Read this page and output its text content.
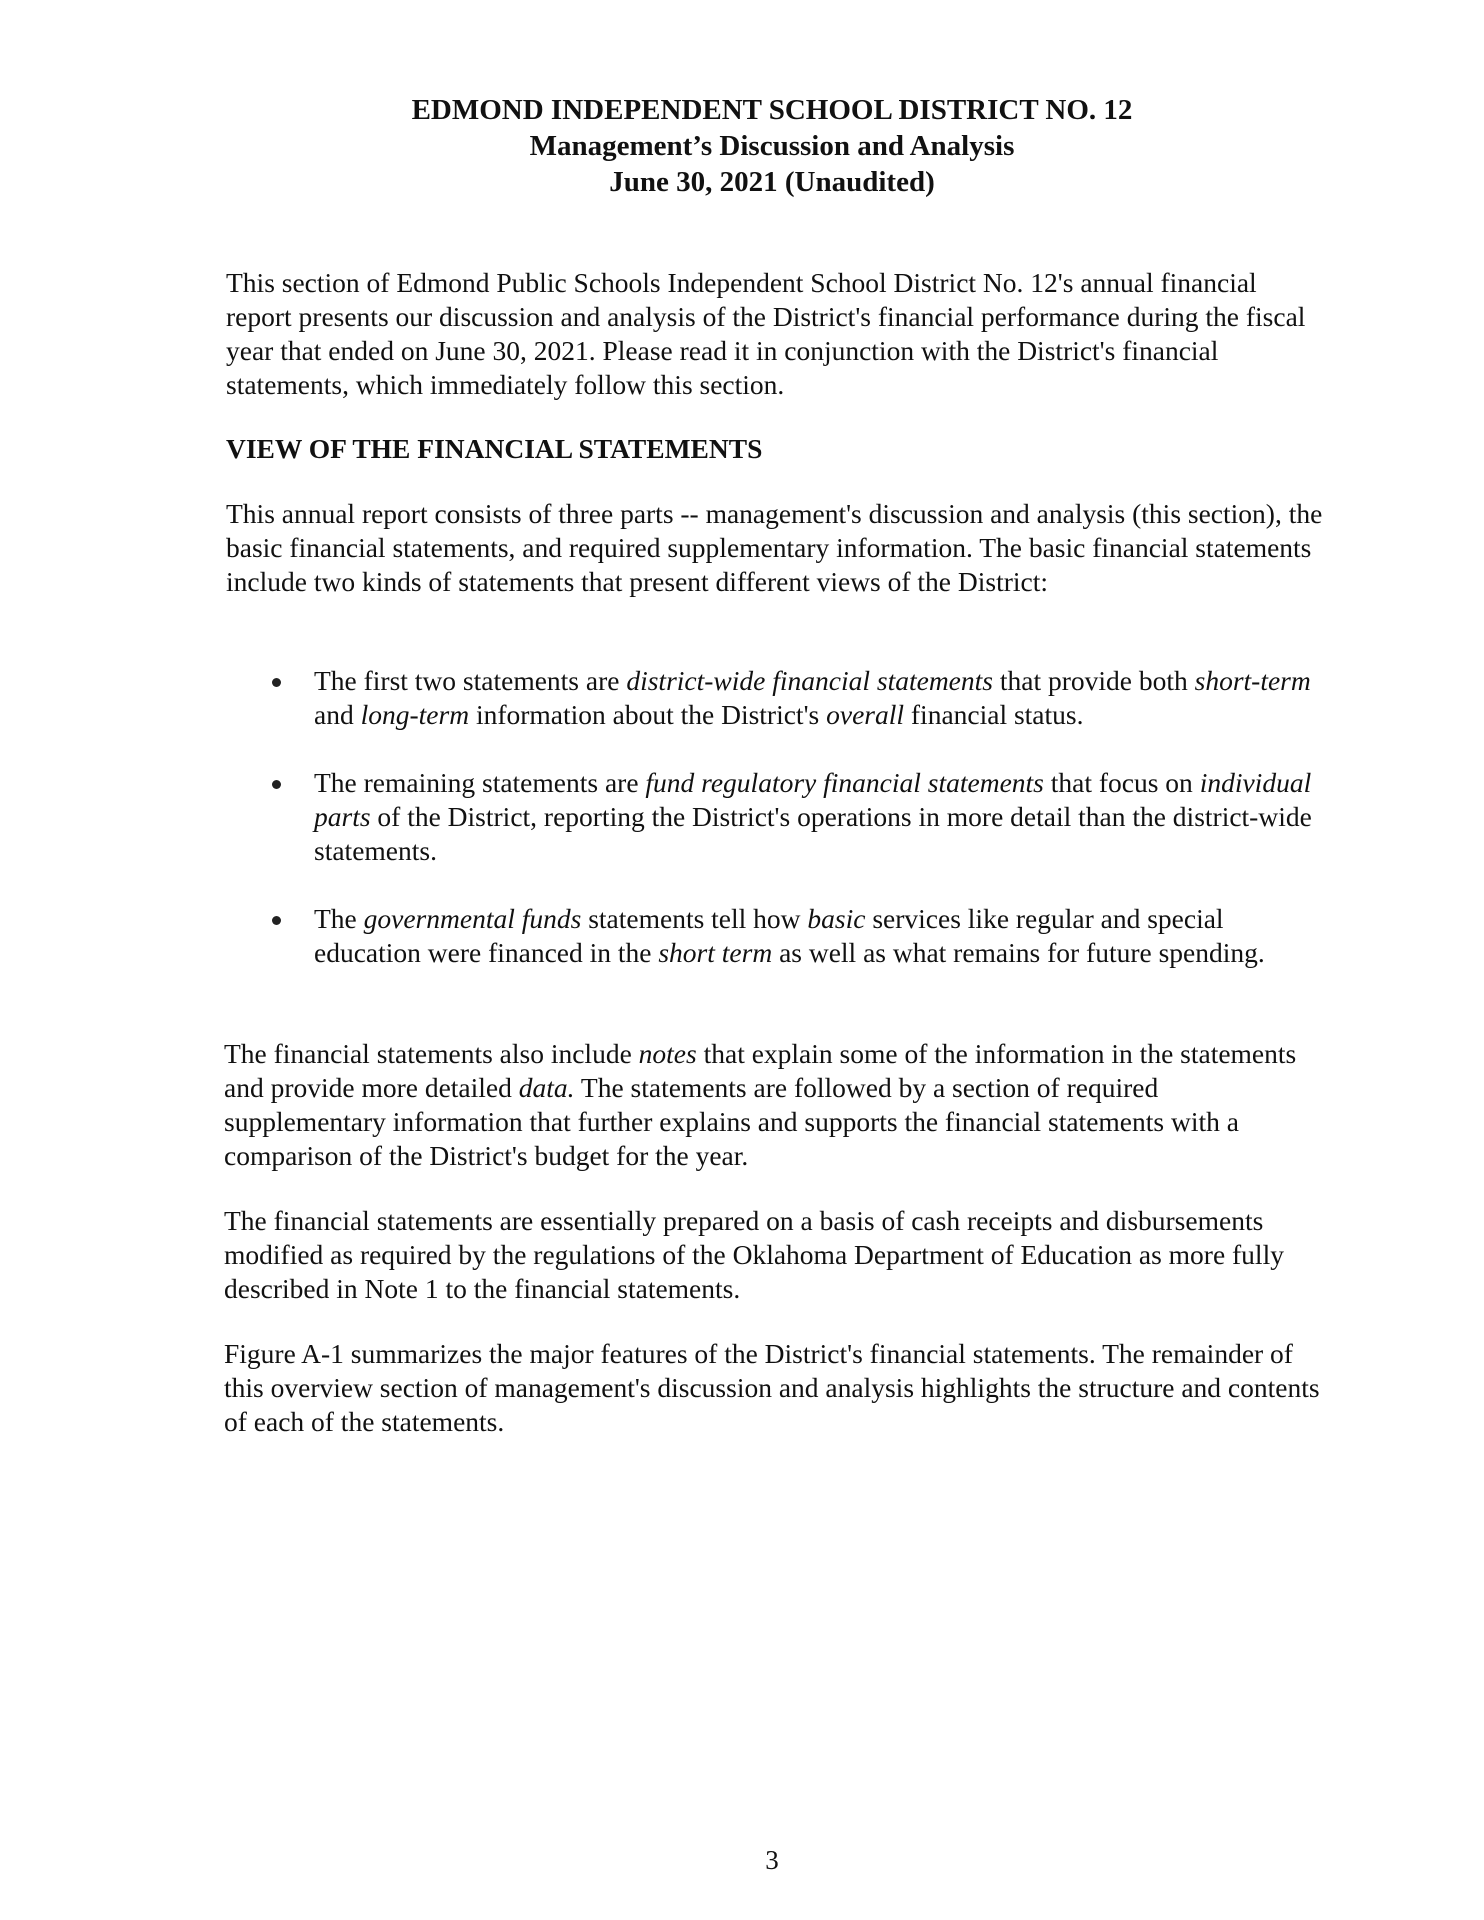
EDMOND INDEPENDENT SCHOOL DISTRICT NO. 12
Management’s Discussion and Analysis
June 30, 2021 (Unaudited)
This section of Edmond Public Schools Independent School District No. 12's annual financial report presents our discussion and analysis of the District's financial performance during the fiscal year that ended on June 30, 2021. Please read it in conjunction with the District's financial statements, which immediately follow this section.
VIEW OF THE FINANCIAL STATEMENTS
This annual report consists of three parts -- management's discussion and analysis (this section), the basic financial statements, and required supplementary information. The basic financial statements include two kinds of statements that present different views of the District:
The first two statements are district-wide financial statements that provide both short-term and long-term information about the District's overall financial status.
The remaining statements are fund regulatory financial statements that focus on individual parts of the District, reporting the District's operations in more detail than the district-wide statements.
The governmental funds statements tell how basic services like regular and special education were financed in the short term as well as what remains for future spending.
The financial statements also include notes that explain some of the information in the statements and provide more detailed data. The statements are followed by a section of required supplementary information that further explains and supports the financial statements with a comparison of the District's budget for the year.
The financial statements are essentially prepared on a basis of cash receipts and disbursements modified as required by the regulations of the Oklahoma Department of Education as more fully described in Note 1 to the financial statements.
Figure A-1 summarizes the major features of the District's financial statements. The remainder of this overview section of management's discussion and analysis highlights the structure and contents of each of the statements.
3
